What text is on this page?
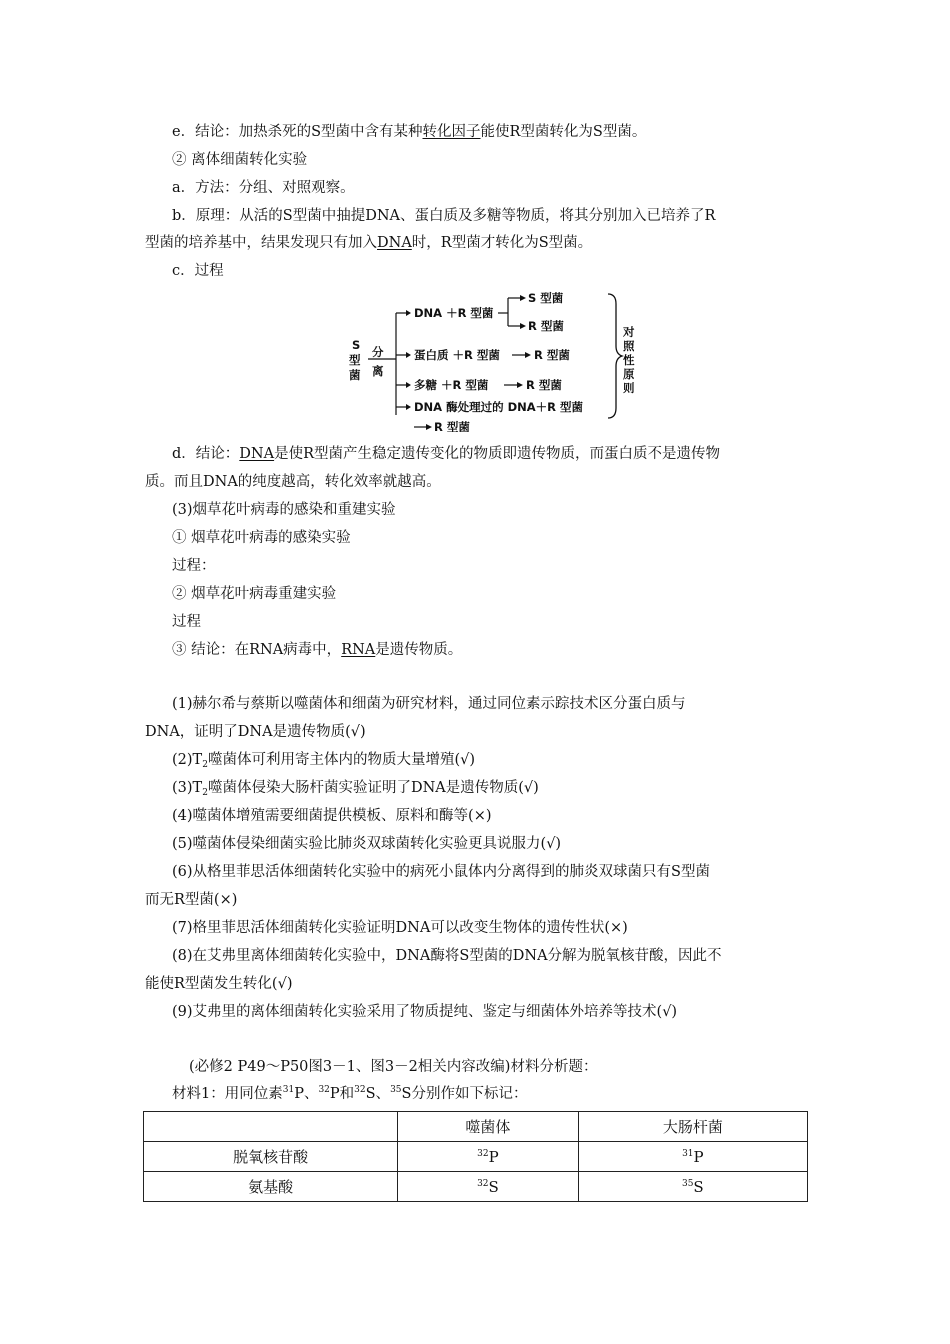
e．结论：加热杀死的S型菌中含有某种转化因子能使R型菌转化为S型菌。
② 离体细菌转化实验
a．方法：分组、对照观察。
b．原理：从活的S型菌中抽提DNA、蛋白质及多糖等物质，将其分别加入已培养了R
型菌的培养基中，结果发现只有加入DNA时，R型菌才转化为S型菌。
c．过程
S
型
菌
分
离
DNA ＋R 型菌
S 型菌
R 型菌
蛋白质 ＋R 型菌	R 型菌
多糖 ＋R 型菌	R 型菌
DNA 酶处理过的 DNA＋R 型菌
R 型菌
对
照
性
原
则
d．结论：DNA是使R型菌产生稳定遗传变化的物质即遗传物质，而蛋白质不是遗传物
质。而且DNA的纯度越高，转化效率就越高。
(3)烟草花叶病毒的感染和重建实验
① 烟草花叶病毒的感染实验
过程：
② 烟草花叶病毒重建实验
过程
③ 结论：在RNA病毒中，RNA是遗传物质。
(1)赫尔希与蔡斯以噬菌体和细菌为研究材料，通过同位素示踪技术区分蛋白质与
DNA，证明了DNA是遗传物质(√)
$(2)T_2$噬菌体可利用寄主体内的物质大量增殖(√)
$(3)T_2$噬菌体侵染大肠杆菌实验证明了DNA是遗传物质(√)
(4)噬菌体增殖需要细菌提供模板、原料和酶等(×)
(5)噬菌体侵染细菌实验比肺炎双球菌转化实验更具说服力(√)
(6)从格里菲思活体细菌转化实验中的病死小鼠体内分离得到的肺炎双球菌只有S型菌
而无R型菌(×)
(7)格里菲思活体细菌转化实验证明DNA可以改变生物体的遗传性状(×)
(8)在艾弗里离体细菌转化实验中，DNA酶将S型菌的DNA分解为脱氧核苷酸，因此不
能使R型菌发生转化(√)
(9)艾弗里的离体细菌转化实验采用了物质提纯、鉴定与细菌体外培养等技术(√)
(必修2 P49～P50图3－1、图3－2相关内容改编)材料分析题：
材料1：用同位素$^{31}$P、$^{32}$P和$^{32}$S、$^{35}$S分别作如下标记：
	噬菌体	大肠杆菌
脱氧核苷酸	$^{32}$P	$^{31}$P
氨基酸	$^{32}$S	$^{35}$S
